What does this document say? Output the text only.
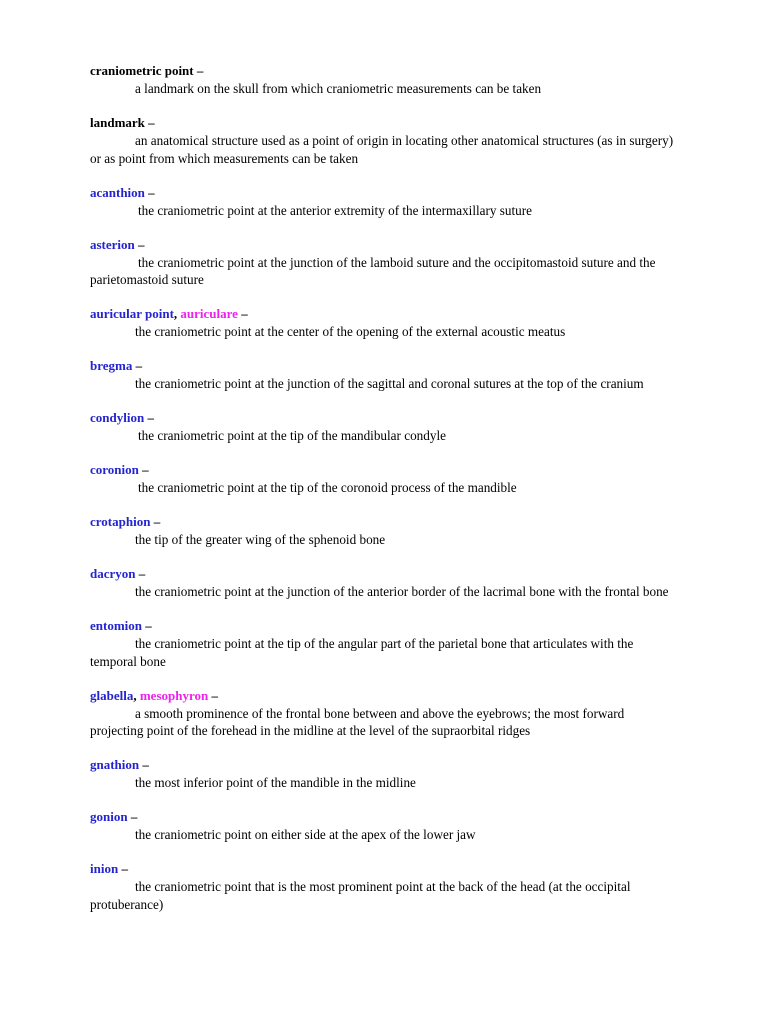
craniometric point –

a landmark on the skull from which craniometric measurements can be taken

landmark –

an anatomical structure used as a point of origin in locating other anatomical structures (as in surgery) or as point from which measurements can be taken

acanthion –

the craniometric point at the anterior extremity of the intermaxillary suture

asterion –

the craniometric point at the junction of the lamboid suture and the occipitomastoid suture and the parietomastoid suture

auricular point, auriculare –

the craniometric point at the center of the opening of the external acoustic meatus

bregma –

the craniometric point at the junction of the sagittal and coronal sutures at the top of the cranium

condylion –

the craniometric point at the tip of the mandibular condyle

coronion –

the craniometric point at the tip of the coronoid process of the mandible

crotaphion –

the tip of the greater wing of the sphenoid bone

dacryon –

the craniometric point at the junction of the anterior border of the lacrimal bone with the frontal bone

entomion –

the craniometric point at the tip of the angular part of the parietal bone that articulates with the temporal bone

glabella, mesophyron –

a smooth prominence of the frontal bone between and above the eyebrows; the most forward projecting point of the forehead in the midline at the level of the supraorbital ridges

gnathion –

the most inferior point of the mandible in the midline

gonion –

the craniometric point on either side at the apex of the lower jaw

inion –

the craniometric point that is the most prominent point at the back of the head (at the occipital protuberance)
